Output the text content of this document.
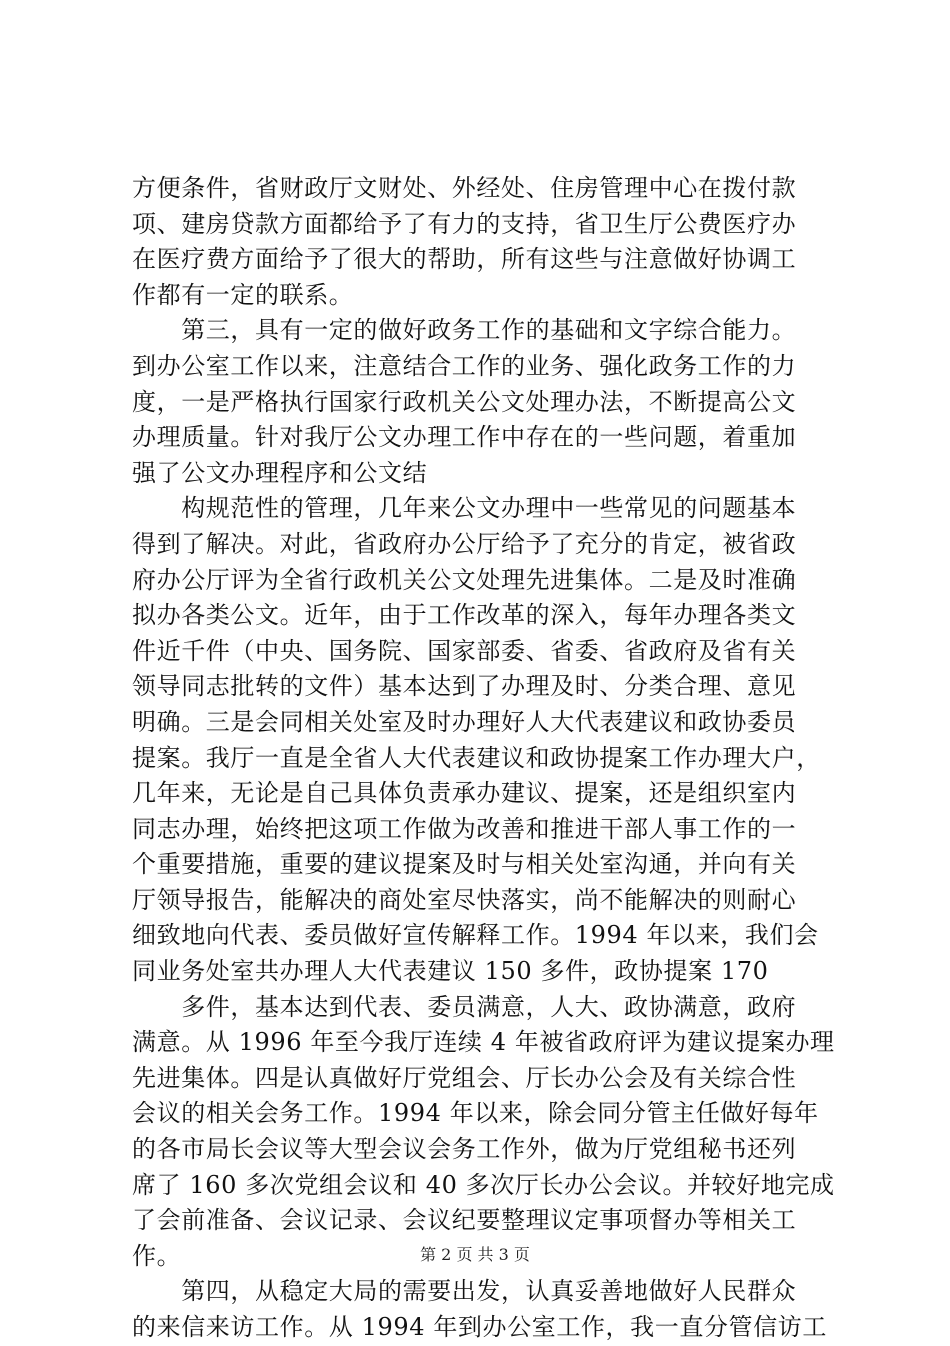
方便条件，省财政厅文财处、外经处、住房管理中心在拨付款
项、建房贷款方面都给予了有力的支持，省卫生厅公费医疗办
在医疗费方面给予了很大的帮助，所有这些与注意做好协调工
作都有一定的联系。
　　第三，具有一定的做好政务工作的基础和文字综合能力。
到办公室工作以来，注意结合工作的业务、强化政务工作的力
度，一是严格执行国家行政机关公文处理办法，不断提高公文
办理质量。针对我厅公文办理工作中存在的一些问题，着重加
强了公文办理程序和公文结
　　构规范性的管理，几年来公文办理中一些常见的问题基本
得到了解决。对此，省政府办公厅给予了充分的肯定，被省政
府办公厅评为全省行政机关公文处理先进集体。二是及时准确
拟办各类公文。近年，由于工作改革的深入，每年办理各类文
件近千件（中央、国务院、国家部委、省委、省政府及省有关
领导同志批转的文件）基本达到了办理及时、分类合理、意见
明确。三是会同相关处室及时办理好人大代表建议和政协委员
提案。我厅一直是全省人大代表建议和政协提案工作办理大户，
几年来，无论是自己具体负责承办建议、提案，还是组织室内
同志办理，始终把这项工作做为改善和推进干部人事工作的一
个重要措施，重要的建议提案及时与相关处室沟通，并向有关
厅领导报告，能解决的商处室尽快落实，尚不能解决的则耐心
细致地向代表、委员做好宣传解释工作。1994 年以来，我们会
同业务处室共办理人大代表建议 150 多件，政协提案 170
　　多件，基本达到代表、委员满意，人大、政协满意，政府
满意。从 1996 年至今我厅连续 4 年被省政府评为建议提案办理
先进集体。四是认真做好厅党组会、厅长办公会及有关综合性
会议的相关会务工作。1994 年以来，除会同分管主任做好每年
的各市局长会议等大型会议会务工作外，做为厅党组秘书还列
席了 160 多次党组会议和 40 多次厅长办公会议。并较好地完成
了会前准备、会议记录、会议纪要整理议定事项督办等相关工
作。
　　第四，从稳定大局的需要出发，认真妥善地做好人民群众
的来信来访工作。从 1994 年到办公室工作，我一直分管信访工
第 2 页 共 3 页
